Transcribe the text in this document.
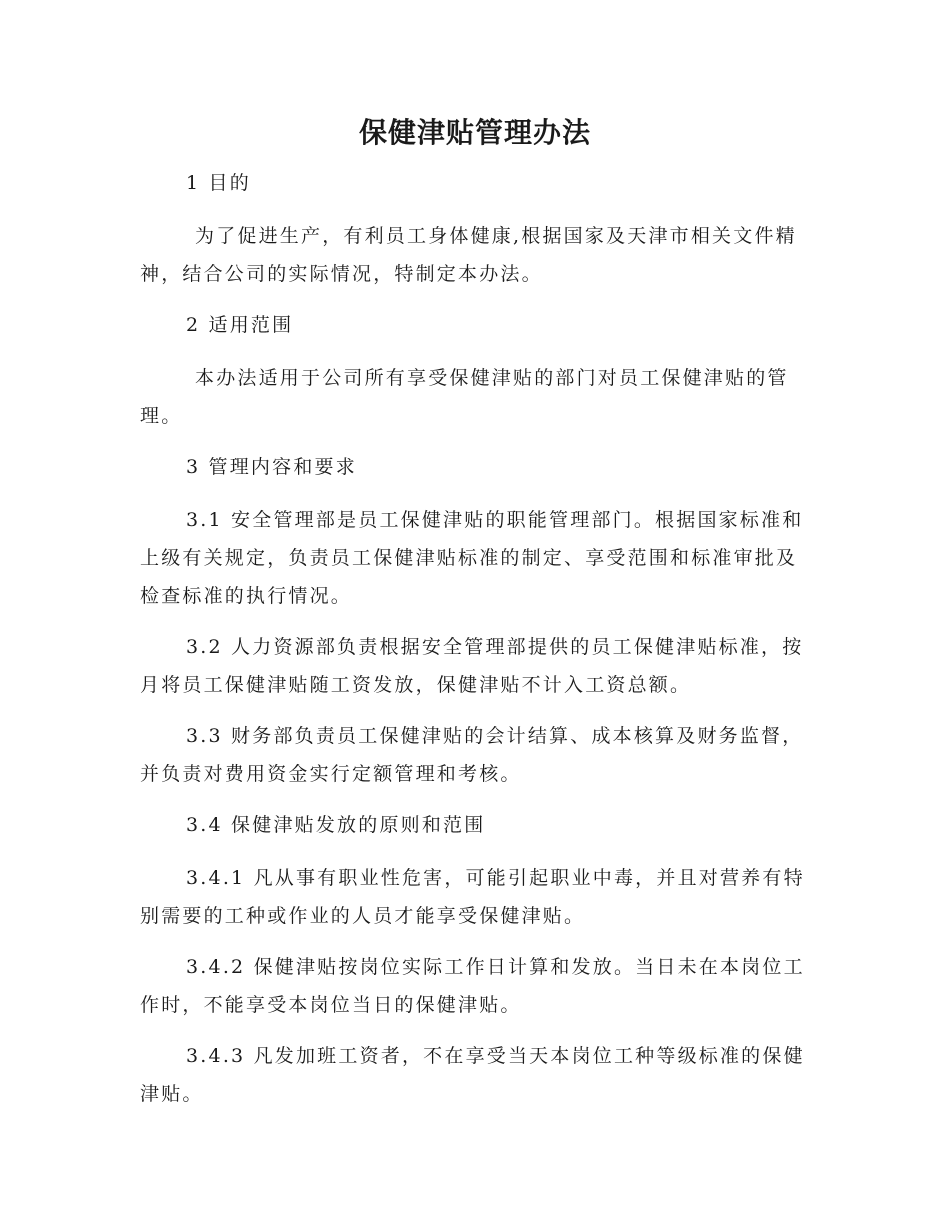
保健津贴管理办法

1 目的

为了促进生产，有利员工身体健康,根据国家及天津市相关文件精神，结合公司的实际情况，特制定本办法。

2 适用范围

本办法适用于公司所有享受保健津贴的部门对员工保健津贴的管理。

3 管理内容和要求

3.1 安全管理部是员工保健津贴的职能管理部门。根据国家标准和上级有关规定，负责员工保健津贴标准的制定、享受范围和标准审批及检查标准的执行情况。

3.2 人力资源部负责根据安全管理部提供的员工保健津贴标准，按月将员工保健津贴随工资发放，保健津贴不计入工资总额。

3.3 财务部负责员工保健津贴的会计结算、成本核算及财务监督，并负责对费用资金实行定额管理和考核。

3.4 保健津贴发放的原则和范围

3.4.1 凡从事有职业性危害，可能引起职业中毒，并且对营养有特别需要的工种或作业的人员才能享受保健津贴。

3.4.2 保健津贴按岗位实际工作日计算和发放。当日未在本岗位工作时，不能享受本岗位当日的保健津贴。

3.4.3 凡发加班工资者，不在享受当天本岗位工种等级标准的保健津贴。
